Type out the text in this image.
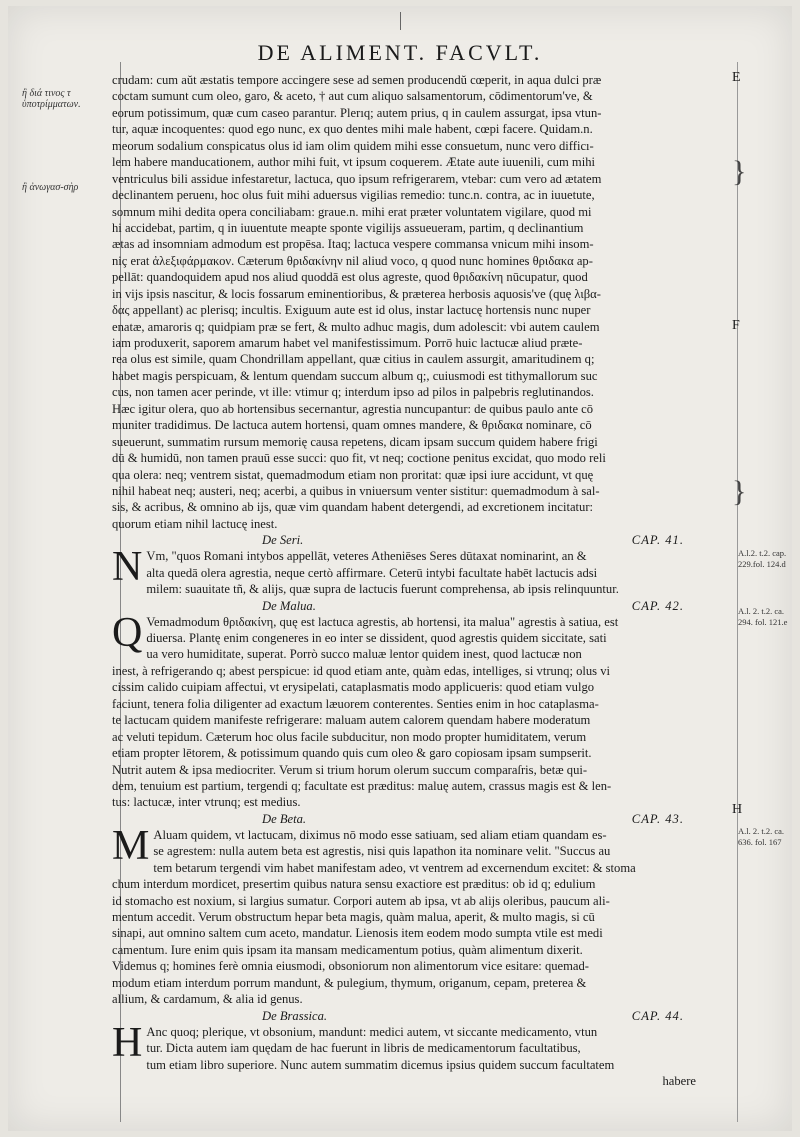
DE ALIMENT. FACVLT.
ἢ διά τινος τ ὑποτρίμματων.
ἢ ἀνωγασ-σὴρ
E
F
H
}
}
A.l.2. t.2. cap. 229.fol. 124.d
A.l. 2. t.2. ca. 294. fol. 121.e
A.l. 2. t.2. ca. 636. fol. 167
crudam: cum aŭt æstatis tempore accingere sese ad semen producendŭ cœperit, in aqua dulci præ
coctam sumunt cum oleo, garo, & aceto, † aut cum aliquo salsamentorum, cōdimentorum've, &
eorum potissimum, quæ cum caseo parantur. Plerıq; autem prius, q in caulem assurgat, ipsa vtun-
tur, aquæ incoquentes: quod ego nunc, ex quo dentes mihi male habent, cœpi facere. Quidam.n.
meorum sodalium conspicatus olus id iam olim quidem mihi esse consuetum, nunc vero difficı-
lem habere manducationem, author mihi fuit, vt ipsum coquerem. Ætate aute iuuenili, cum mihi
ventriculus bili assidue infestaretur, lactuca, quo ipsum refrigerarem, vtebar: cum vero ad ætatem
declinantem peruenı, hoc olus fuit mihi aduersus vigilias remedio: tunc.n. contra, ac in iuuetute,
somnum mihi dedita opera conciliabam: graue.n. mihi erat præter voluntatem vigilare, quod mi
hi accidebat, partim, q in iuuentute meapte sponte vigilijs assueueram, partim, q declinantium
ætas ad insomniam admodum est propēsa. Itaq; lactuca vespere commansa vnicum mihi insom-
niç erat ἀλεξιφάρμακον. Cæterum θριδακίνην nil aliud voco, q quod nunc homines θριδακα ap-
pellāt: quandoquidem apud nos aliud quoddā est olus agreste, quod θριδακίνη nūcupatur, quod
in vijs ipsis nascitur, & locis fossarum eminentioribus, & præterea herbosis aquosis've (quę λιβα-
δας appellant) ac plerisq; incultis. Exiguum aute est id olus, instar lactucę hortensis nunc nuper
enatæ, amaroris q; quidpiam præ se fert, & multo adhuc magis, dum adolescit: vbi autem caulem
iam produxerit, saporem amarum habet vel manifestissimum. Porrō huic lactucæ aliud præte-
rea olus est simile, quam Chondrillam appellant, quæ citius in caulem assurgit, amaritudinem q;
habet magis perspicuam, & lentum quendam succum album q;, cuiusmodi est tithymallorum suc
cus, non tamen acer perinde, vt ille: vtimur q; interdum ipso ad pilos in palpebris reglutinandos.
Hæc igitur olera, quo ab hortensibus secernantur, agrestia nuncupantur: de quibus paulo ante cō
muniter tradidimus. De lactuca autem hortensi, quam omnes mandere, & θριδακα nominare, cō
sueuerunt, summatim rursum memorię causa repetens, dicam ipsam succum quidem habere frigi
dū & humidū, non tamen prauū esse succi: quo fit, vt neq; coctione penitus excidat, quo modo reli
qua olera: neq; ventrem sistat, quemadmodum etiam non proritat: quæ ipsi iure accidunt, vt quę
nihil habeat neq; austeri, neq; acerbi, a quibus in vniuersum venter sistitur: quemadmodum à sal-
sis, & acribus, & omnino ab ijs, quæ vim quandam habent detergendi, ad excretionem incitatur:
quorum etiam nihil lactucę inest.
De Seri.	CAP. 41.
N Vm, "quos Romani intybos appellāt, veteres Atheniēses Seres dūtaxat nominarint, an &
alta quedā olera agrestia, neque certò affirmare. Ceterū intybi facultate habēt lactucis adsi
milem: suauitate tñ, & alijs, quæ supra de lactucis fuerunt comprehensa, ab ipsis relinquuntur.
De Malua.	CAP. 42.
Q Vemadmodum θριδακίνη, quę est lactuca agrestis, ab hortensi, ita malua" agrestis à satiua, est
diuersa. Plantę enim congeneres in eo inter se dissident, quod agrestis quidem siccitate, sati
ua vero humiditate, superat. Porrò succo maluæ lentor quidem inest, quod lactucæ non
inest, à refrigerando q; abest perspicue: id quod etiam ante, quàm edas, intelliges, si vtrunq; olus vi
cissim calido cuipiam affectui, vt erysipelati, cataplasmatis modo applicueris: quod etiam vulgo
faciunt, tenera folia diligenter ad exactum læuorem conterentes. Senties enim in hoc cataplasma-
te lactucam quidem manifeste refrigerare: maluam autem calorem quendam habere moderatum
ac veluti tepidum. Cæterum hoc olus facile subducitur, non modo propter humiditatem, verum
etiam propter lētorem, & potissimum quando quis cum oleo & garo copiosam ipsam sumpserit.
Nutrit autem & ipsa mediocriter. Verum si trium horum olerum succum comparaſris, betæ qui-
dem, tenuium est partium, tergendi q; facultate est præditus: maluę autem, crassus magis est & len-
tus: lactucæ, inter vtrunq; est medius.
De Beta.	CAP. 43.
M Aluam quidem, vt lactucam, diximus nō modo esse satiuam, sed aliam etiam quandam es-
se agrestem: nulla autem beta est agrestis, nisi quis lapathon ita nominare velit. "Succus au
tem betarum tergendi vim habet manifestam adeo, vt ventrem ad excernendum excitet: & stoma
chum interdum mordicet, presertim quibus natura sensu exactiore est præditus: ob id q; edulium
id stomacho est noxium, si largius sumatur. Corpori autem ab ipsa, vt ab alijs oleribus, paucum ali-
mentum accedit. Verum obstructum hepar beta magis, quàm malua, aperit, & multo magis, si cū
sinapi, aut omnino saltem cum aceto, mandatur. Lienosis item eodem modo sumpta vtile est medi
camentum. Iure enim quis ipsam ita mansam medicamentum potius, quàm alimentum dixerit.
Videmus q; homines ferè omnia eiusmodi, obsoniorum non alimentorum vice esitare: quemad-
modum etiam interdum porrum mandunt, & pulegium, thymum, origanum, cepam, preterea &
allium, & cardamum, & alia id genus.
De Brassica.	CAP. 44.
H Anc quoq; plerique, vt obsonium, mandunt: medici autem, vt siccante medicamento, vtun
tur. Dicta autem iam quędam de hac fuerunt in libris de medicamentorum facultatibus,
tum etiam libro superiore. Nunc autem summatim dicemus ipsius quidem succum facultatem
habere
